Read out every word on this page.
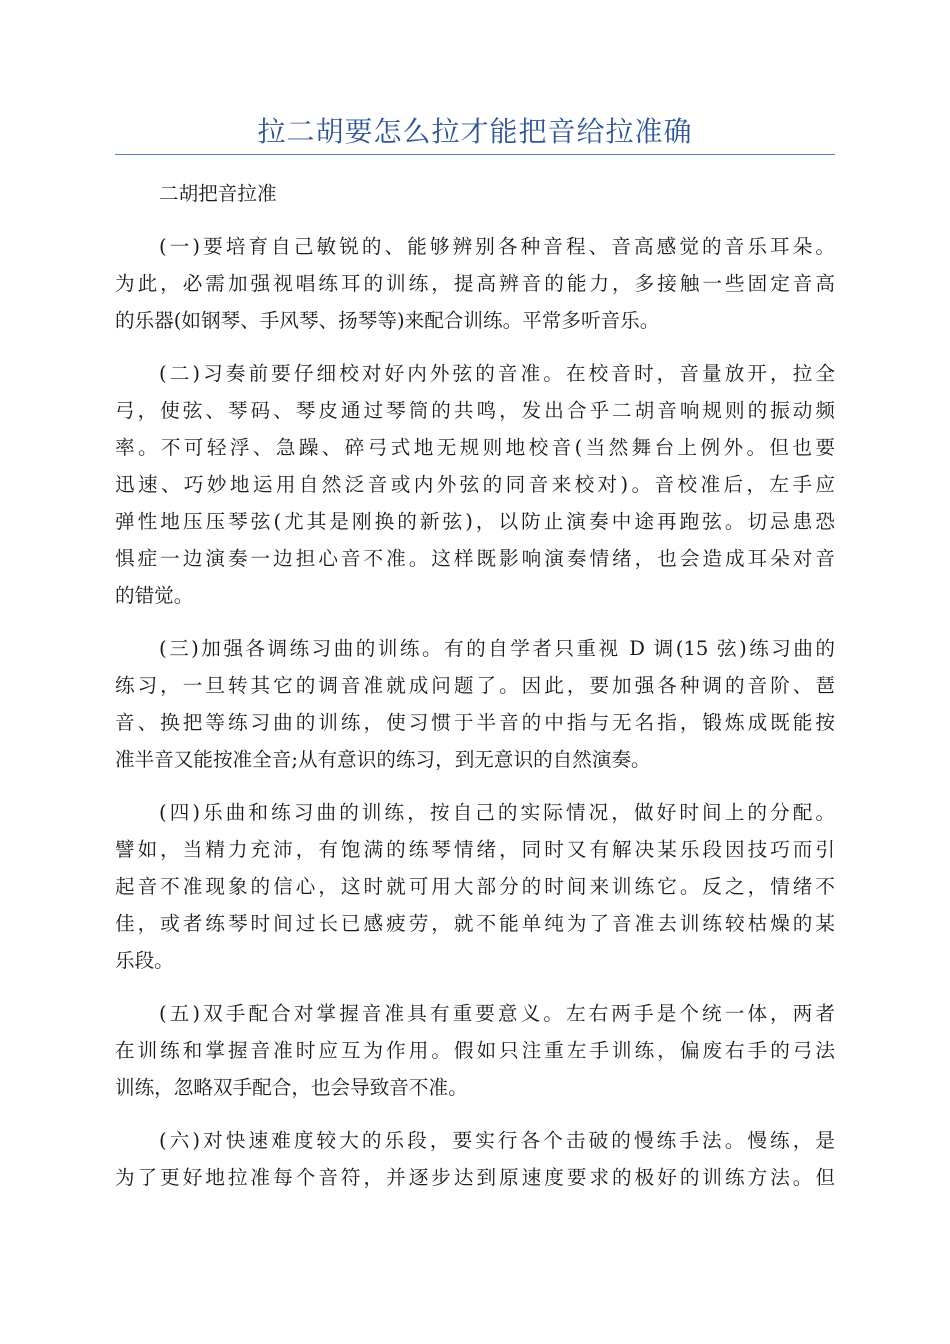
拉二胡要怎么拉才能把音给拉准确
二胡把音拉准
(一)要培育自己敏锐的、能够辨别各种音程、音高感觉的音乐耳朵。
为此，必需加强视唱练耳的训练，提高辨音的能力，多接触一些固定音高
的乐器(如钢琴、手风琴、扬琴等)来配合训练。平常多听音乐。
(二)习奏前要仔细校对好内外弦的音准。在校音时，音量放开，拉全
弓，使弦、琴码、琴皮通过琴筒的共鸣，发出合乎二胡音响规则的振动频
率。不可轻浮、急躁、碎弓式地无规则地校音(当然舞台上例外。但也要
迅速、巧妙地运用自然泛音或内外弦的同音来校对)。音校准后，左手应
弹性地压压琴弦(尤其是刚换的新弦)，以防止演奏中途再跑弦。切忌患恐
惧症一边演奏一边担心音不准。这样既影响演奏情绪，也会造成耳朵对音
的错觉。
(三)加强各调练习曲的训练。有的自学者只重视 D 调(15 弦)练习曲的
练习，一旦转其它的调音准就成问题了。因此，要加强各种调的音阶、琶
音、换把等练习曲的训练，使习惯于半音的中指与无名指，锻炼成既能按
准半音又能按准全音;从有意识的练习，到无意识的自然演奏。
(四)乐曲和练习曲的训练，按自己的实际情况，做好时间上的分配。
譬如，当精力充沛，有饱满的练琴情绪，同时又有解决某乐段因技巧而引
起音不准现象的信心，这时就可用大部分的时间来训练它。反之，情绪不
佳，或者练琴时间过长已感疲劳，就不能单纯为了音准去训练较枯燥的某
乐段。
(五)双手配合对掌握音准具有重要意义。左右两手是个统一体，两者
在训练和掌握音准时应互为作用。假如只注重左手训练，偏废右手的弓法
训练，忽略双手配合，也会导致音不准。
(六)对快速难度较大的乐段，要实行各个击破的慢练手法。慢练，是
为了更好地拉准每个音符，并逐步达到原速度要求的极好的训练方法。但
